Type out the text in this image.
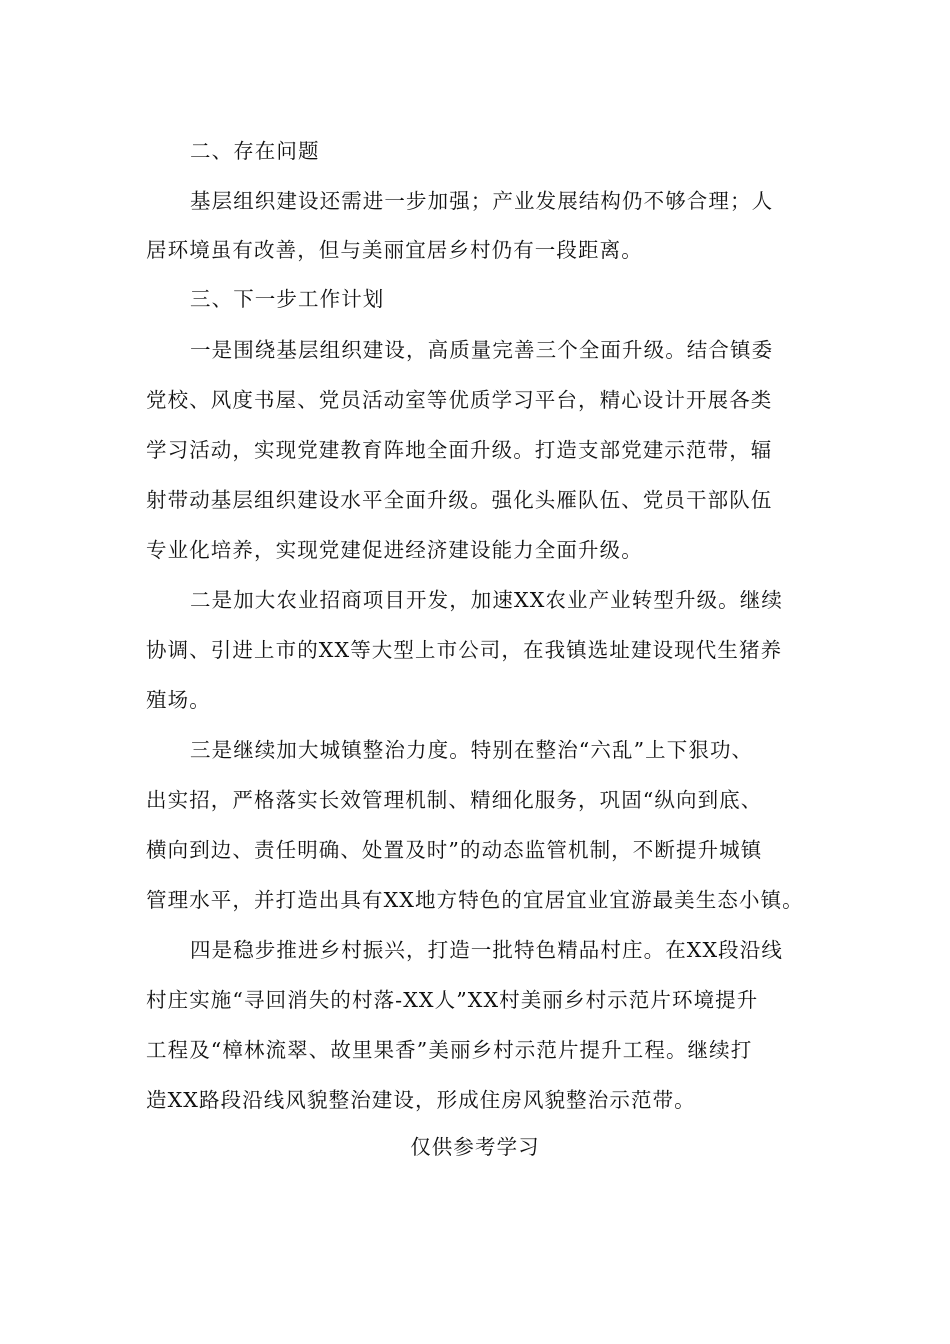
二、存在问题
基层组织建设还需进一步加强；产业发展结构仍不够合理；人
居环境虽有改善，但与美丽宜居乡村仍有一段距离。
三、下一步工作计划
一是围绕基层组织建设，高质量完善三个全面升级。结合镇委
党校、风度书屋、党员活动室等优质学习平台，精心设计开展各类
学习活动，实现党建教育阵地全面升级。打造支部党建示范带，辐
射带动基层组织建设水平全面升级。强化头雁队伍、党员干部队伍
专业化培养，实现党建促进经济建设能力全面升级。
二是加大农业招商项目开发，加速XX农业产业转型升级。继续
协调、引进上市的XX等大型上市公司，在我镇选址建设现代生猪养
殖场。
三是继续加大城镇整治力度。特别在整治“六乱”上下狠功、
出实招，严格落实长效管理机制、精细化服务，巩固“纵向到底、
横向到边、责任明确、处置及时”的动态监管机制，不断提升城镇
管理水平，并打造出具有XX地方特色的宜居宜业宜游最美生态小镇。
四是稳步推进乡村振兴，打造一批特色精品村庄。在XX段沿线
村庄实施“寻回消失的村落-XX人”XX村美丽乡村示范片环境提升
工程及“樟林流翠、故里果香”美丽乡村示范片提升工程。继续打
造XX路段沿线风貌整治建设，形成住房风貌整治示范带。
仅供参考学习
